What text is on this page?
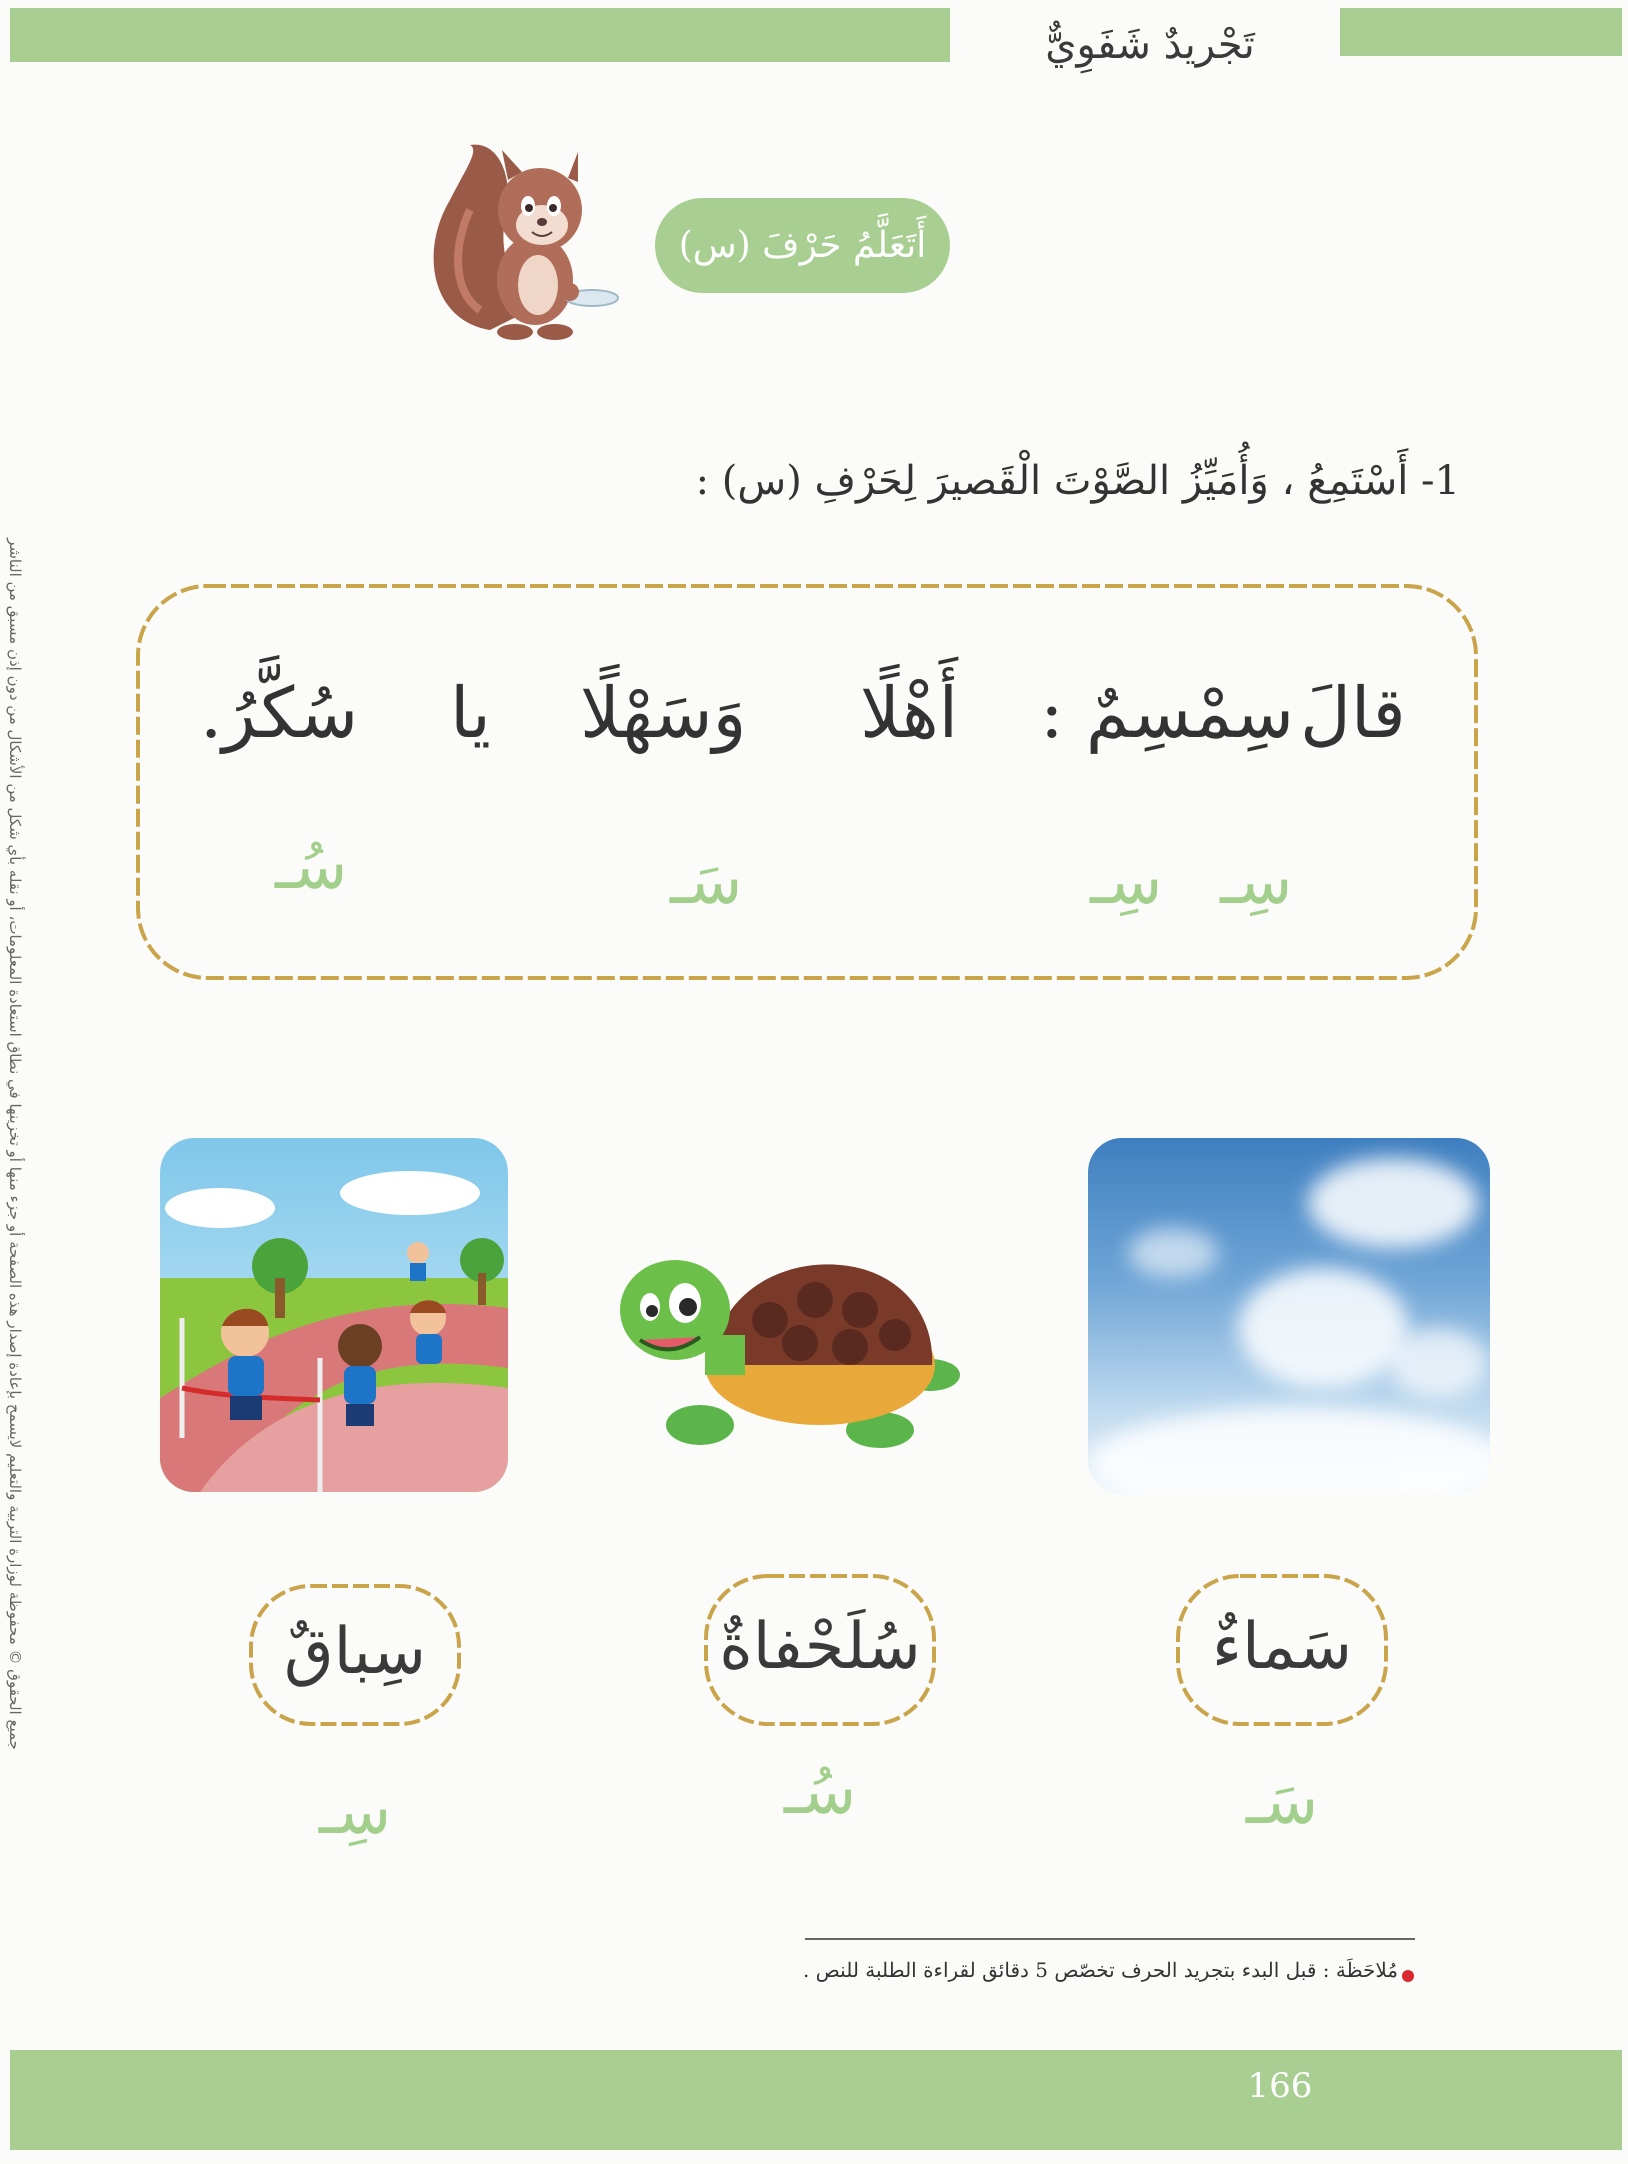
تَجْريدٌ شَفَوِيٌّ
أَتَعَلَّمُ حَرْفَ (س)
1- أَسْتَمِعُ ، وَأُمَيِّزُ الصَّوْتَ الْقَصيرَ لِحَرْفِ (س) :
قالَ
سِمْسِمٌ :
أَهْلًا
وَسَهْلًا
يا
سُكَّرُ.
سِـ
سِـ
سَـ
سُـ
جميع الحقوق © محفوظة لوزارة التربية والتعليم لايسمح بإعادة إصدار هذه الصفحة أو جزء منها أو تخزينها في نطاق استعادة المعلومات، أو نقله بأي شكل من الأشكال من دون إذن مسبق من الناشر	سَماءٌ
سُلَحْفاةٌ
سِباقٌ
سَـ
سُـ
سِـ
مُلاحَظَة : قبل البدء بتجريد الحرف تخصّص 5 دقائق لقراءة الطلبة للنص .
166
